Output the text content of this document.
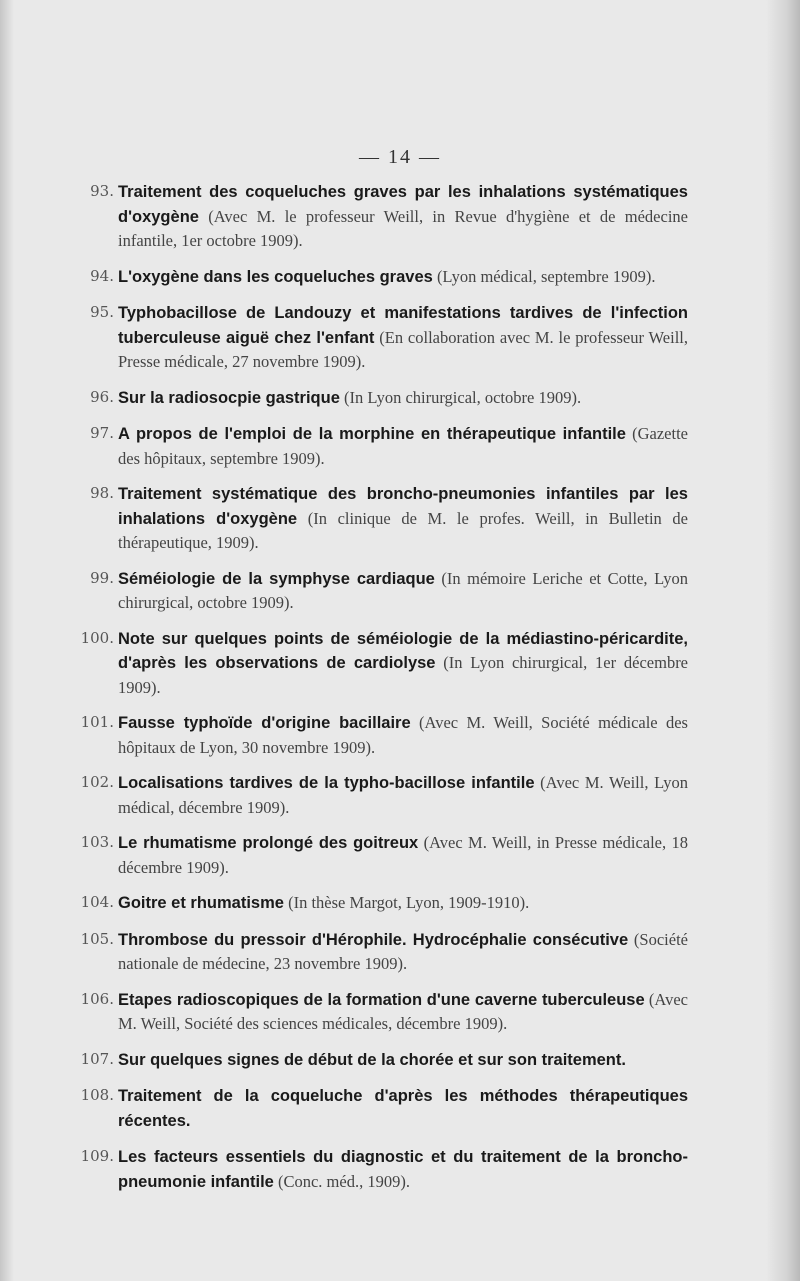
— 14 —
93. Traitement des coqueluches graves par les inhalations systématiques d'oxygène (Avec M. le professeur Weill, in Revue d'hygiène et de médecine infantile, 1er octobre 1909).
94. L'oxygène dans les coqueluches graves (Lyon médical, septembre 1909).
95. Typhobacillose de Landouzy et manifestations tardives de l'infection tuberculeuse aiguë chez l'enfant (En collaboration avec M. le professeur Weill, Presse médicale, 27 novembre 1909).
96. Sur la radiosocpie gastrique (In Lyon chirurgical, octobre 1909).
97. A propos de l'emploi de la morphine en thérapeutique infantile (Gazette des hôpitaux, septembre 1909).
98. Traitement systématique des broncho-pneumonies infantiles par les inhalations d'oxygène (In clinique de M. le profes. Weill, in Bulletin de thérapeutique, 1909).
99. Séméiologie de la symphyse cardiaque (In mémoire Leriche et Cotte, Lyon chirurgical, octobre 1909).
100. Note sur quelques points de séméiologie de la médiastino-péricardite, d'après les observations de cardiolyse (In Lyon chirurgical, 1er décembre 1909).
101. Fausse typhoïde d'origine bacillaire (Avec M. Weill, Société médicale des hôpitaux de Lyon, 30 novembre 1909).
102. Localisations tardives de la typho-bacillose infantile (Avec M. Weill, Lyon médical, décembre 1909).
103. Le rhumatisme prolongé des goitreux (Avec M. Weill, in Presse médicale, 18 décembre 1909).
104. Goitre et rhumatisme (In thèse Margot, Lyon, 1909-1910).
105. Thrombose du pressoir d'Hérophile. Hydrocéphalie consécutive (Société nationale de médecine, 23 novembre 1909).
106. Etapes radioscopiques de la formation d'une caverne tuberculeuse (Avec M. Weill, Société des sciences médicales, décembre 1909).
107. Sur quelques signes de début de la chorée et sur son traitement.
108. Traitement de la coqueluche d'après les méthodes thérapeutiques récentes.
109. Les facteurs essentiels du diagnostic et du traitement de la broncho-pneumonie infantile (Conc. méd., 1909).
